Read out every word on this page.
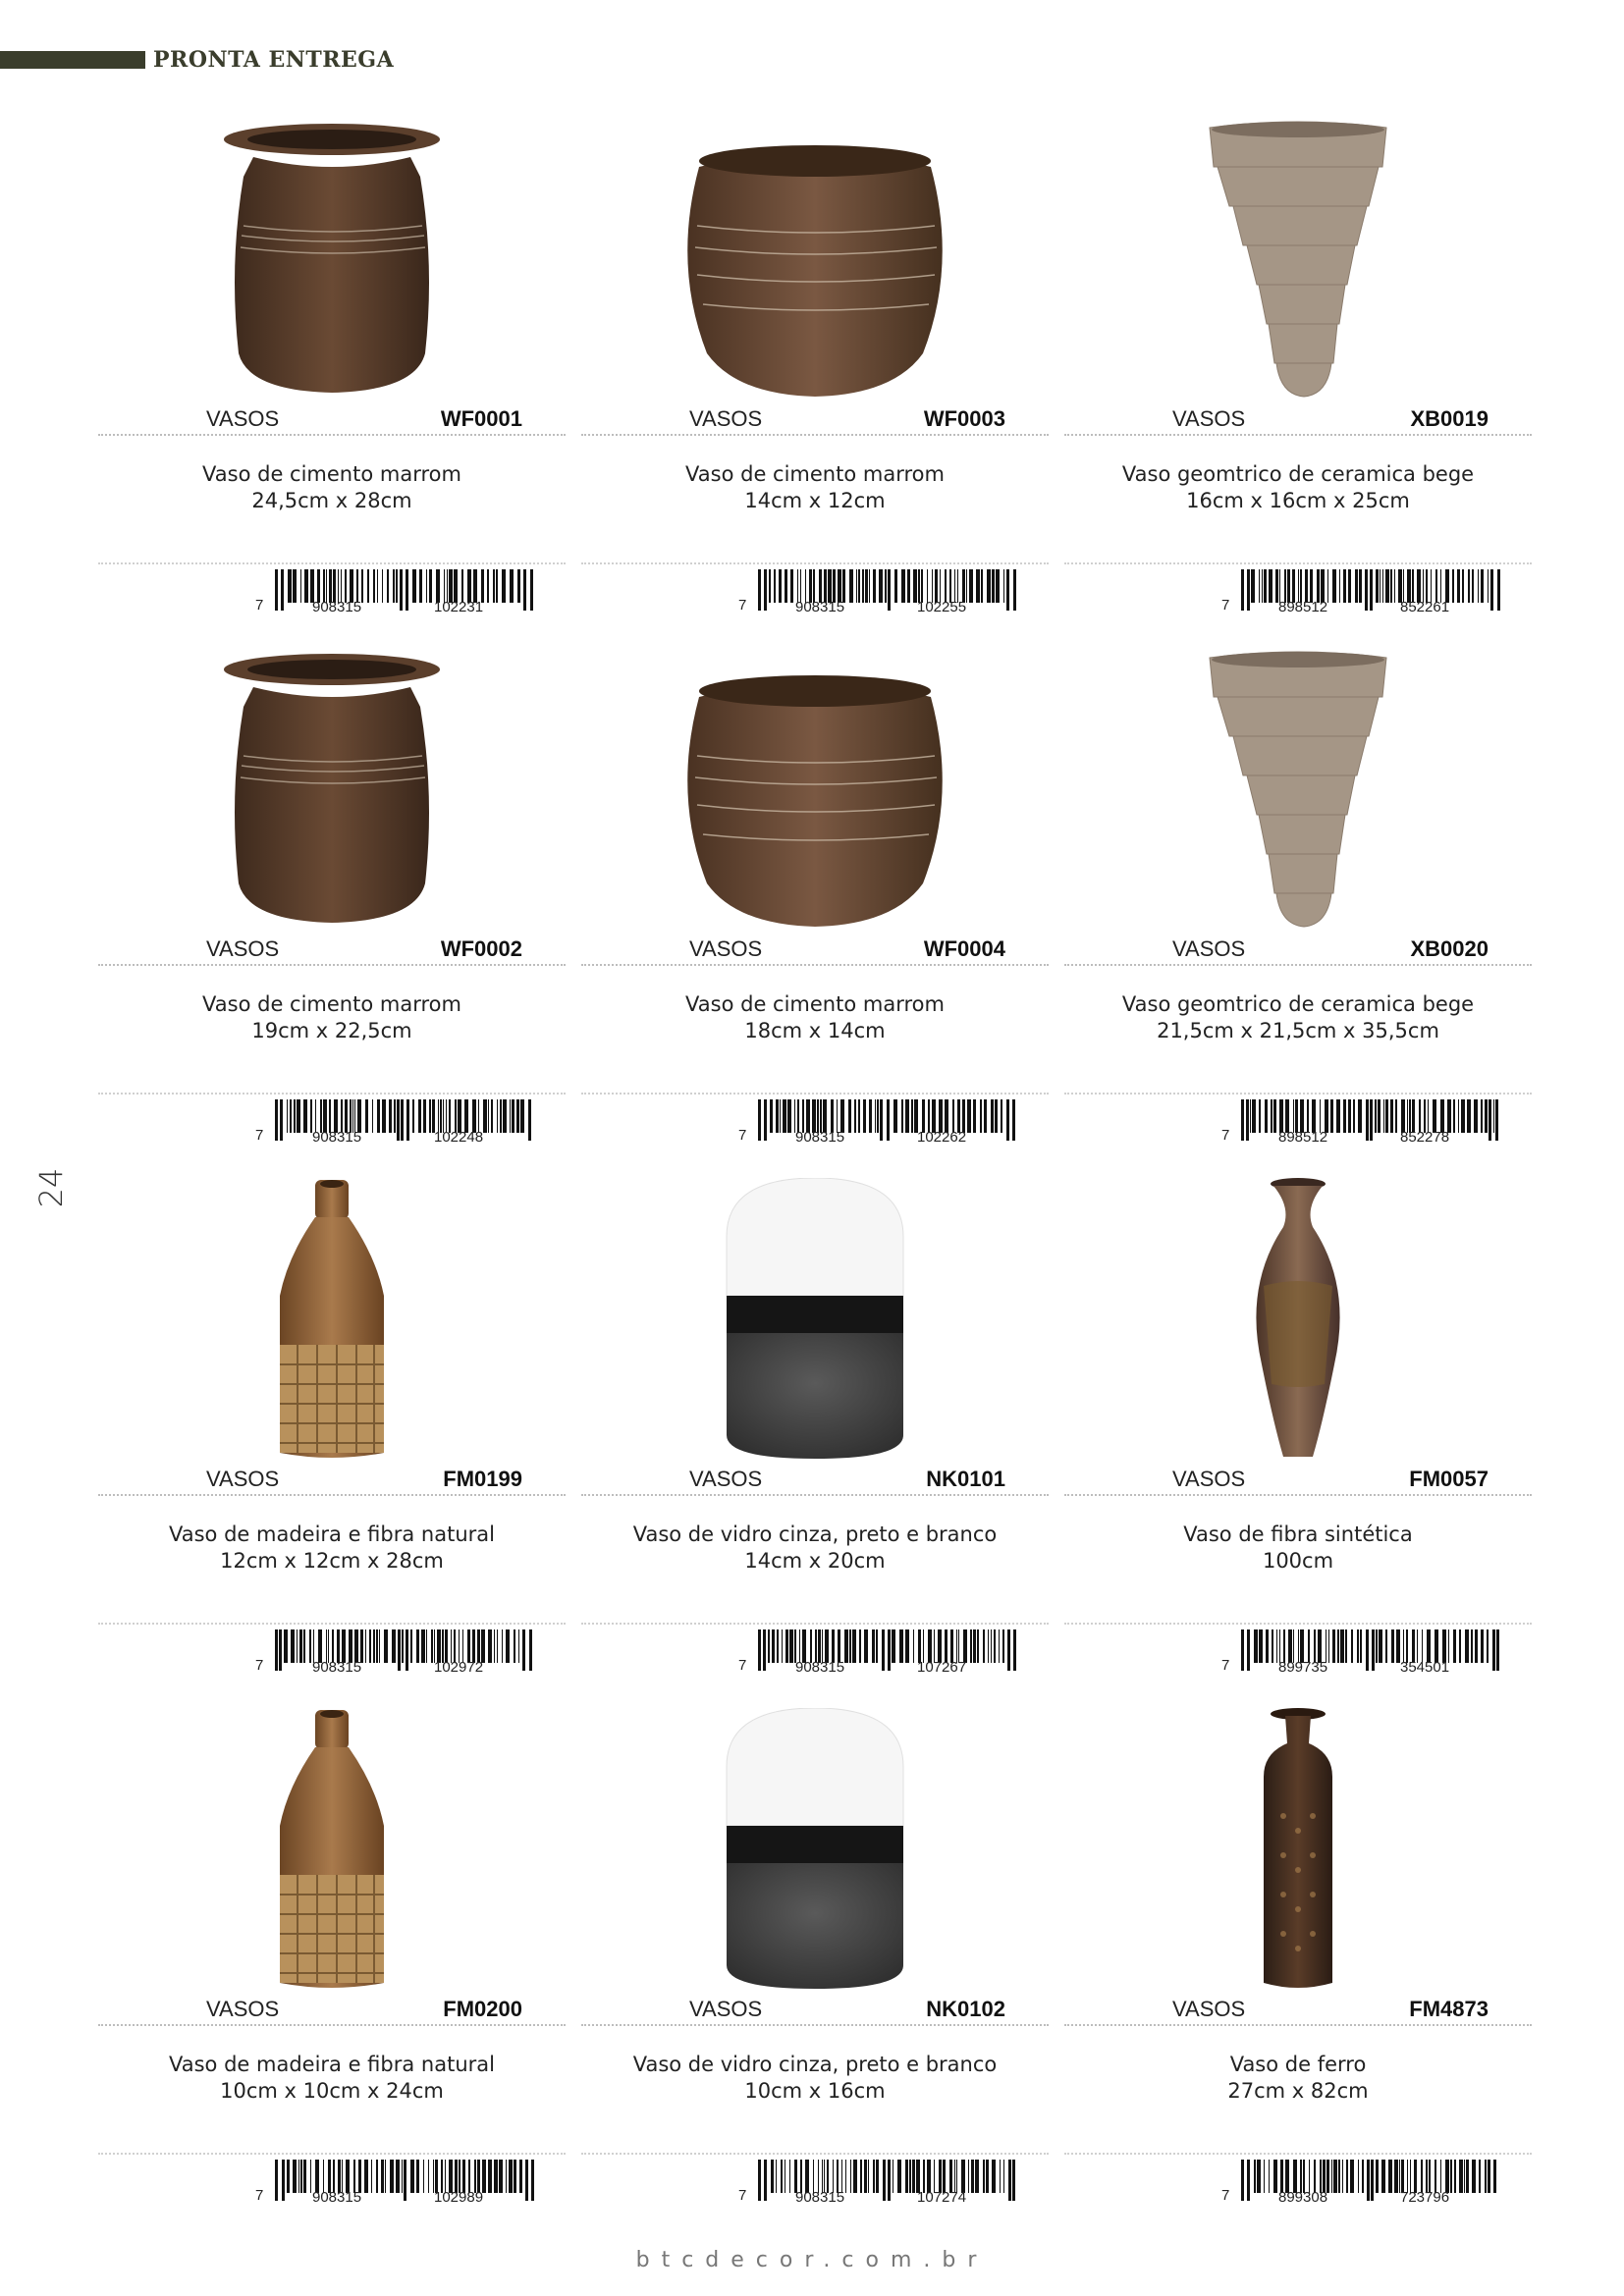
PRONTA ENTREGA
24
VASOS	WF0001
Vaso de cimento marrom
24,5cm x 28cm
7	908315	102231
VASOS	WF0003
Vaso de cimento marrom
14cm x 12cm
7	908315	102255
VASOS	XB0019
Vaso geomtrico de ceramica bege
16cm x 16cm x 25cm
7	898512	852261
VASOS	WF0002
Vaso de cimento marrom
19cm x 22,5cm
7	908315	102248
VASOS	WF0004
Vaso de cimento marrom
18cm x 14cm
7	908315	102262
VASOS	XB0020
Vaso geomtrico de ceramica bege
21,5cm x 21,5cm x 35,5cm
7	898512	852278
VASOS	FM0199
Vaso de madeira e fibra natural
12cm x 12cm x 28cm
7	908315	102972
VASOS	NK0101
Vaso de vidro cinza, preto e branco
14cm x 20cm
7	908315	107267
VASOS	FM0057
Vaso de fibra sintética
100cm
7	899735	354501
VASOS	FM0200
Vaso de madeira e fibra natural
10cm x 10cm x 24cm
7	908315	102989
VASOS	NK0102
Vaso de vidro cinza, preto e branco
10cm x 16cm
7	908315	107274
VASOS	FM4873
Vaso de ferro
27cm x 82cm
7	899308	723796
btcdecor.com.br
